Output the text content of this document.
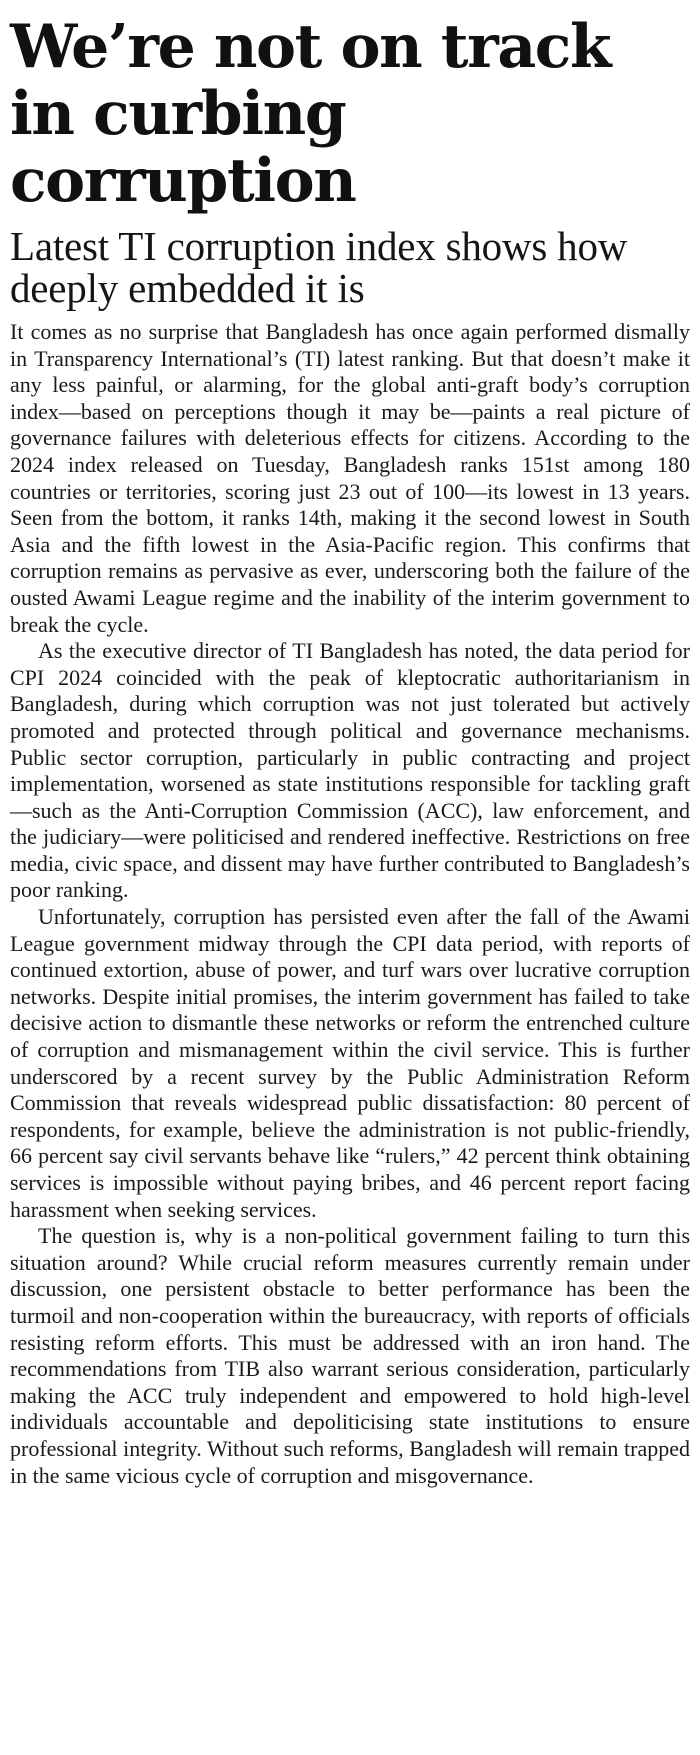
We’re not on track in curbing corruption
Latest TI corruption index shows how deeply embedded it is

It comes as no surprise that Bangladesh has once again performed dismally in Transparency International’s (TI) latest ranking. But that doesn’t make it any less painful, or alarming, for the global anti-graft body’s corruption index—based on perceptions though it may be—paints a real picture of governance failures with deleterious effects for citizens. According to the 2024 index released on Tuesday, Bangladesh ranks 151st among 180 countries or territories, scoring just 23 out of 100—its lowest in 13 years. Seen from the bottom, it ranks 14th, making it the second lowest in South Asia and the fifth lowest in the Asia-Pacific region. This confirms that corruption remains as pervasive as ever, underscoring both the failure of the ousted Awami League regime and the inability of the interim government to break the cycle.

As the executive director of TI Bangladesh has noted, the data period for CPI 2024 coincided with the peak of kleptocratic authoritarianism in Bangladesh, during which corruption was not just tolerated but actively promoted and protected through political and governance mechanisms. Public sector corruption, particularly in public contracting and project implementation, worsened as state institutions responsible for tackling graft—such as the Anti-Corruption Commission (ACC), law enforcement, and the judiciary—were politicised and rendered ineffective. Restrictions on free media, civic space, and dissent may have further contributed to Bangladesh’s poor ranking.

Unfortunately, corruption has persisted even after the fall of the Awami League government midway through the CPI data period, with reports of continued extortion, abuse of power, and turf wars over lucrative corruption networks. Despite initial promises, the interim government has failed to take decisive action to dismantle these networks or reform the entrenched culture of corruption and mismanagement within the civil service. This is further underscored by a recent survey by the Public Administration Reform Commission that reveals widespread public dissatisfaction: 80 percent of respondents, for example, believe the administration is not public-friendly, 66 percent say civil servants behave like “rulers,” 42 percent think obtaining services is impossible without paying bribes, and 46 percent report facing harassment when seeking services.

The question is, why is a non-political government failing to turn this situation around? While crucial reform measures currently remain under discussion, one persistent obstacle to better performance has been the turmoil and non-cooperation within the bureaucracy, with reports of officials resisting reform efforts. This must be addressed with an iron hand. The recommendations from TIB also warrant serious consideration, particularly making the ACC truly independent and empowered to hold high-level individuals accountable and depoliticising state institutions to ensure professional integrity. Without such reforms, Bangladesh will remain trapped in the same vicious cycle of corruption and misgovernance.
